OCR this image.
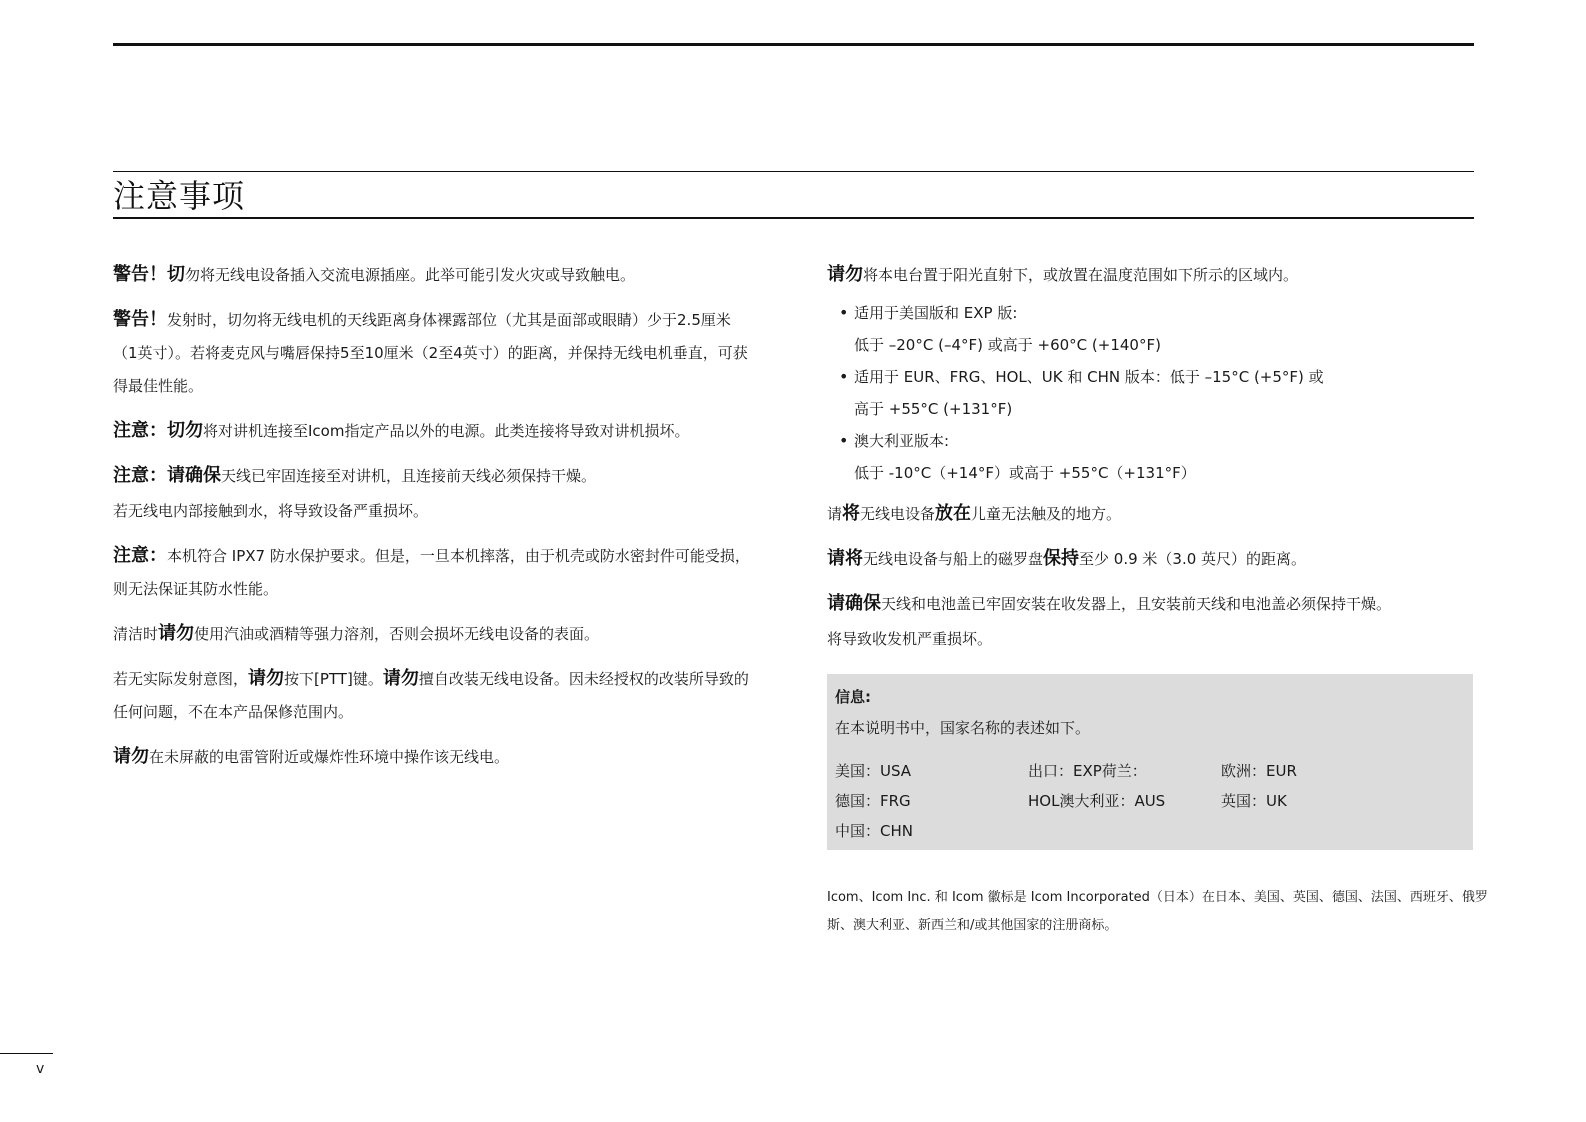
注意事项

警告！切勿将无线电设备插入交流电源插座。此举可能引发火灾或导致触电。

警告！发射时，切勿将无线电机的天线距离身体裸露部位（尤其是面部或眼睛）少于2.5厘米（1英寸）。若将麦克风与嘴唇保持5至10厘米（2至4英寸）的距离，并保持无线电机垂直，可获得最佳性能。

注意：切勿将对讲机连接至Icom指定产品以外的电源。此类连接将导致对讲机损坏。

注意：请确保天线已牢固连接至对讲机，且连接前天线必须保持干燥。

若无线电内部接触到水，将导致设备严重损坏。

注意：本机符合 IPX7 防水保护要求。但是，一旦本机摔落，由于机壳或防水密封件可能受损，则无法保证其防水性能。

清洁时请勿使用汽油或酒精等强力溶剂，否则会损坏无线电设备的表面。

若无实际发射意图，请勿按下[PTT]键。请勿擅自改装无线电设备。因未经授权的改装所导致的任何问题，不在本产品保修范围内。

请勿在未屏蔽的电雷管附近或爆炸性环境中操作该无线电。

请勿将本电台置于阳光直射下，或放置在温度范围如下所示的区域内。

• 适用于美国版和 EXP 版:
低于 –20°C (–4°F) 或高于 +60°C (+140°F)
• 适用于 EUR、FRG、HOL、UK 和 CHN 版本：低于 –15°C (+5°F) 或
高于 +55°C (+131°F)
• 澳大利亚版本:
低于 -10°C（+14°F）或高于 +55°C（+131°F）

请将无线电设备放在儿童无法触及的地方。

请将无线电设备与船上的磁罗盘保持至少 0.9 米（3.0 英尺）的距离。

请确保天线和电池盖已牢固安装在收发器上，且安装前天线和电池盖必须保持干燥。

将导致收发机严重损坏。

信息:

在本说明书中，国家名称的表述如下。

美国：USA	出口：EXP荷兰：	欧洲：EUR
德国：FRG	HOL澳大利亚：AUS	英国：UK
中国：CHN

Icom、Icom Inc. 和 Icom 徽标是 Icom Incorporated（日本）在日本、美国、英国、德国、法国、西班牙、俄罗斯、澳大利亚、新西兰和/或其他国家的注册商标。

v
